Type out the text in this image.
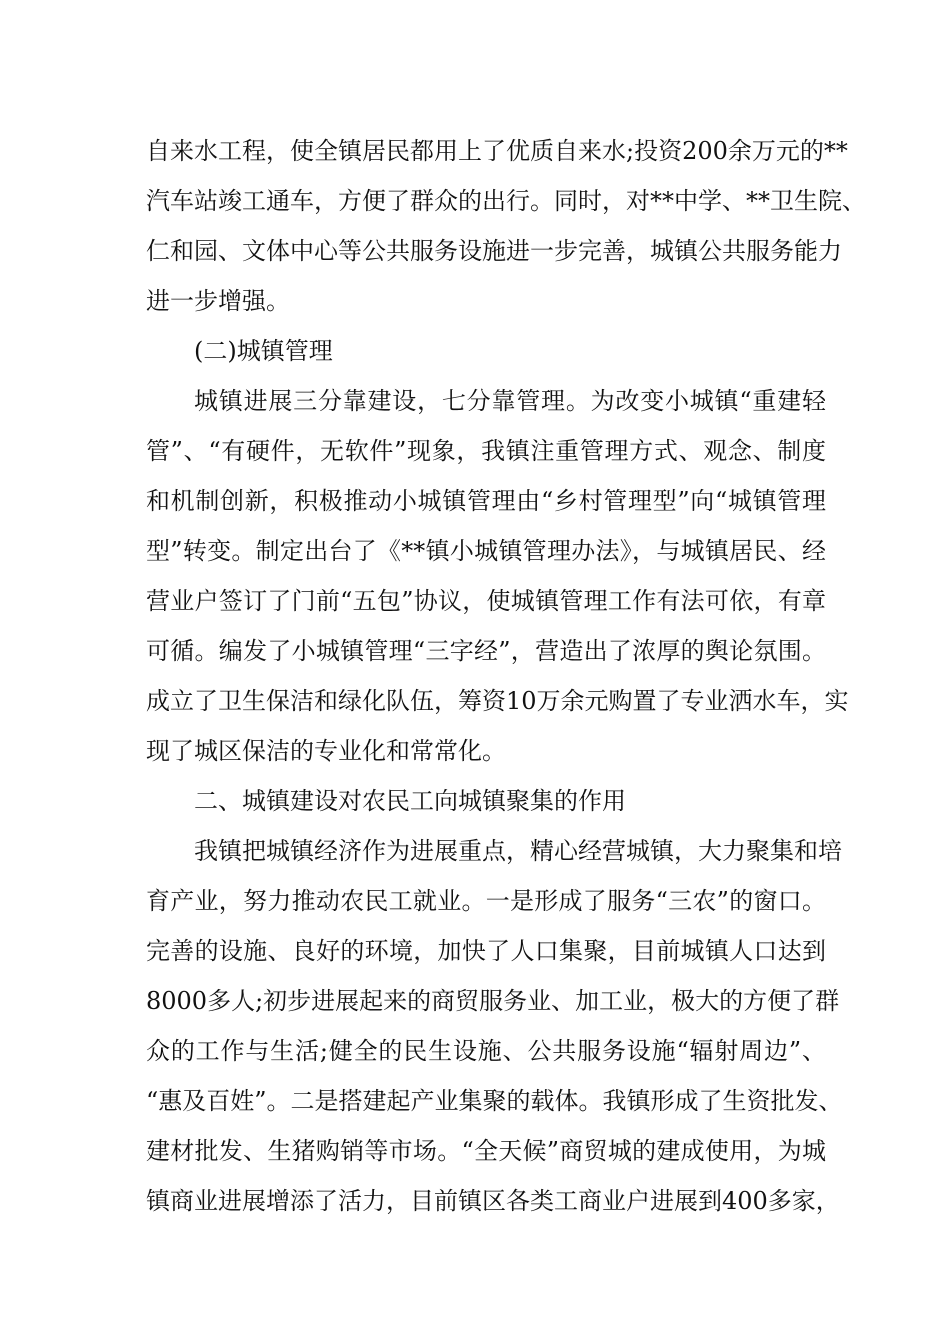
自来水工程，使全镇居民都用上了优质自来水;投资200余万元的**
汽车站竣工通车，方便了群众的出行。同时，对**中学、**卫生院、
仁和园、文体中心等公共服务设施进一步完善，城镇公共服务能力
进一步增强。
(二)城镇管理
城镇进展三分靠建设，七分靠管理。为改变小城镇“重建轻
管”、“有硬件，无软件”现象，我镇注重管理方式、观念、制度
和机制创新，积极推动小城镇管理由“乡村管理型”向“城镇管理
型”转变。制定出台了《**镇小城镇管理办法》，与城镇居民、经
营业户签订了门前“五包”协议，使城镇管理工作有法可依，有章
可循。编发了小城镇管理“三字经”，营造出了浓厚的舆论氛围。
成立了卫生保洁和绿化队伍，筹资10万余元购置了专业洒水车，实
现了城区保洁的专业化和常常化。
二、城镇建设对农民工向城镇聚集的作用
我镇把城镇经济作为进展重点，精心经营城镇，大力聚集和培
育产业，努力推动农民工就业。一是形成了服务“三农”的窗口。
完善的设施、良好的环境，加快了人口集聚，目前城镇人口达到
8000多人;初步进展起来的商贸服务业、加工业，极大的方便了群
众的工作与生活;健全的民生设施、公共服务设施“辐射周边”、
“惠及百姓”。二是搭建起产业集聚的载体。我镇形成了生资批发、
建材批发、生猪购销等市场。“全天候”商贸城的建成使用，为城
镇商业进展增添了活力，目前镇区各类工商业户进展到400多家，
